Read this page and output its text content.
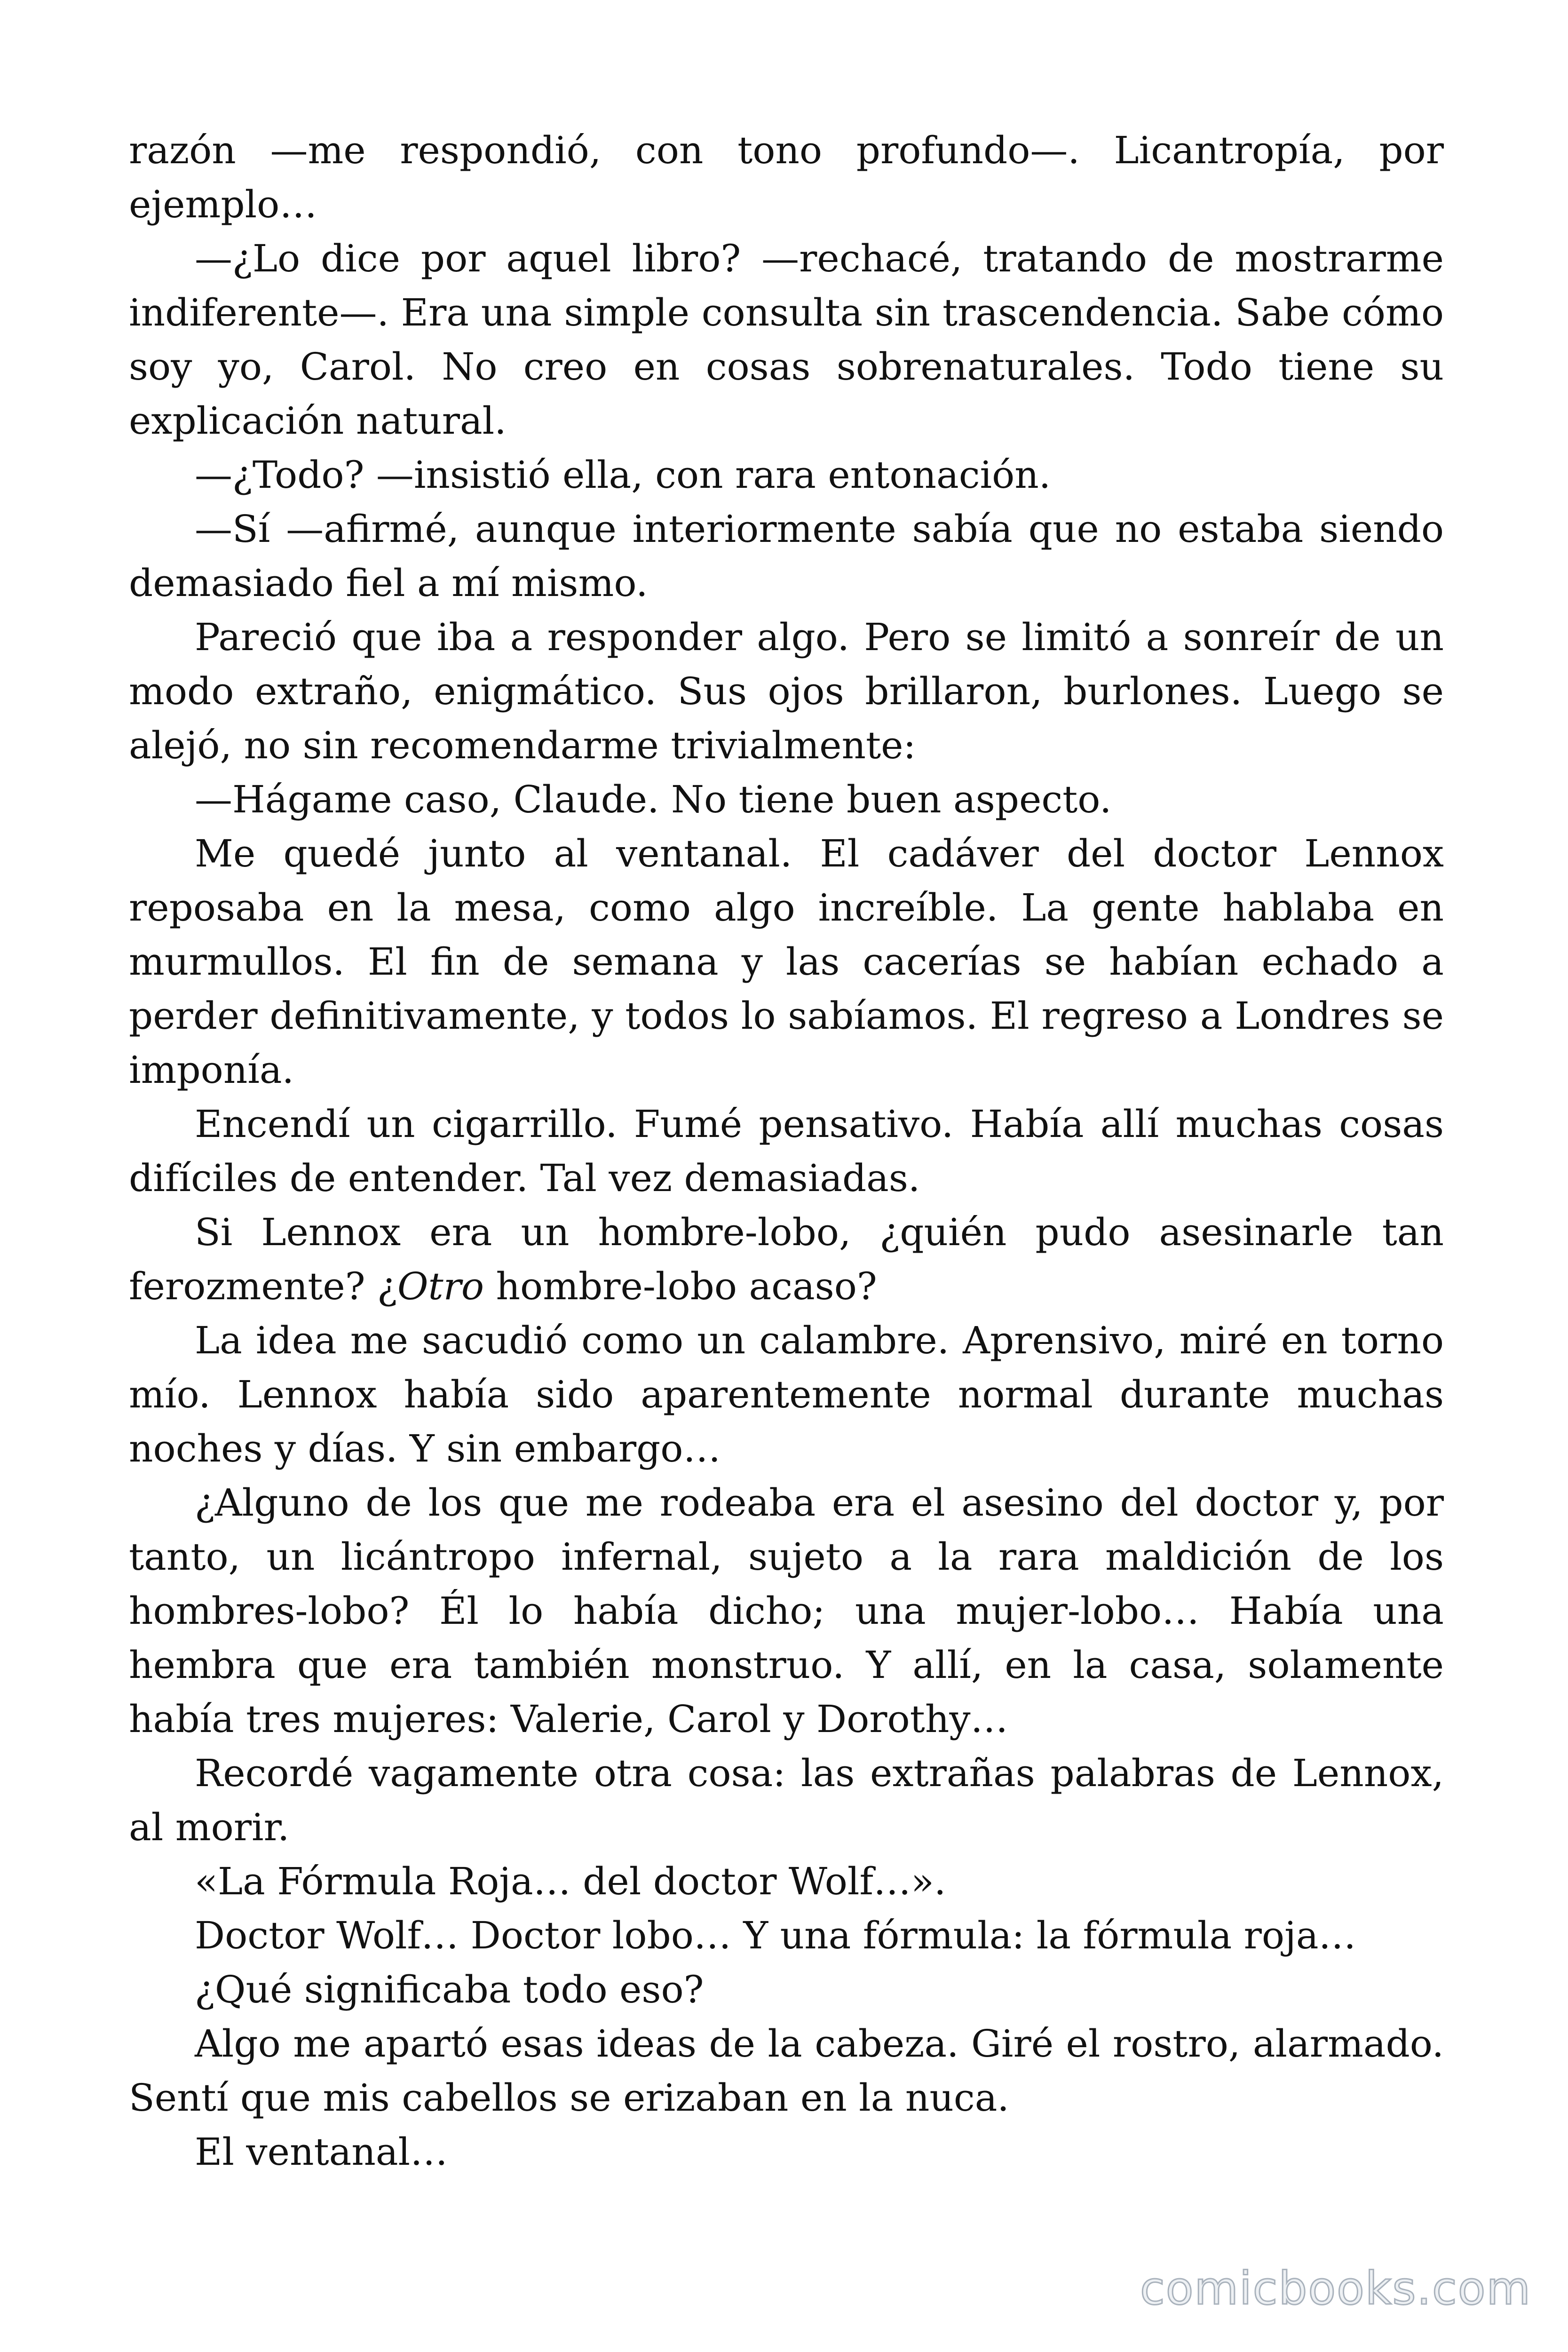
razón —me respondió, con tono profundo—. Licantropía, por ejemplo…

—¿Lo dice por aquel libro? —rechacé, tratando de mostrarme indiferente—. Era una simple consulta sin trascendencia. Sabe cómo soy yo, Carol. No creo en cosas sobrenaturales. Todo tiene su explicación natural.

—¿Todo? —insistió ella, con rara entonación.

—Sí —afirmé, aunque interiormente sabía que no estaba siendo demasiado fiel a mí mismo.

Pareció que iba a responder algo. Pero se limitó a sonreír de un modo extraño, enigmático. Sus ojos brillaron, burlones. Luego se alejó, no sin recomendarme trivialmente:

—Hágame caso, Claude. No tiene buen aspecto.

Me quedé junto al ventanal. El cadáver del doctor Lennox reposaba en la mesa, como algo increíble. La gente hablaba en murmullos. El fin de semana y las cacerías se habían echado a perder definitivamente, y todos lo sabíamos. El regreso a Londres se imponía.

Encendí un cigarrillo. Fumé pensativo. Había allí muchas cosas difíciles de entender. Tal vez demasiadas.

Si Lennox era un hombre-lobo, ¿quién pudo asesinarle tan ferozmente? ¿Otro hombre-lobo acaso?

La idea me sacudió como un calambre. Aprensivo, miré en torno mío. Lennox había sido aparentemente normal durante muchas noches y días. Y sin embargo…

¿Alguno de los que me rodeaba era el asesino del doctor y, por tanto, un licántropo infernal, sujeto a la rara maldición de los hombres-lobo? Él lo había dicho; una mujer-lobo… Había una hembra que era también monstruo. Y allí, en la casa, solamente había tres mujeres: Valerie, Carol y Dorothy…

Recordé vagamente otra cosa: las extrañas palabras de Lennox, al morir.

«La Fórmula Roja… del doctor Wolf…».

Doctor Wolf… Doctor lobo… Y una fórmula: la fórmula roja…

¿Qué significaba todo eso?

Algo me apartó esas ideas de la cabeza. Giré el rostro, alarmado. Sentí que mis cabellos se erizaban en la nuca.

El ventanal…

comicbooks.com
